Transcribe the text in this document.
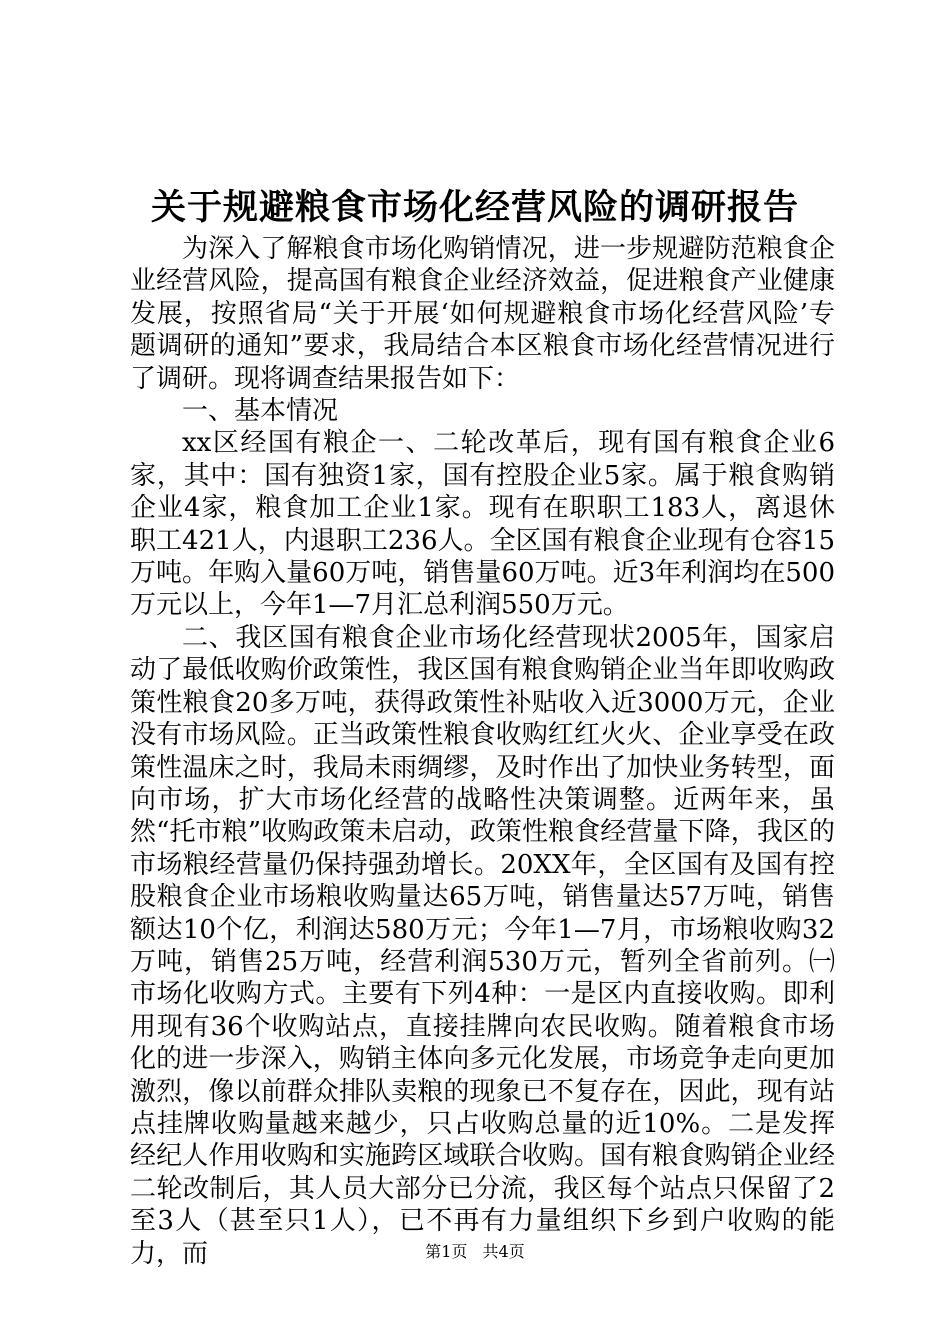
关于规避粮食市场化经营风险的调研报告

为深入了解粮食市场化购销情况，进一步规避防范粮食企业经营风险，提高国有粮食企业经济效益，促进粮食产业健康发展，按照省局“关于开展‘如何规避粮食市场化经营风险’专题调研的通知”要求，我局结合本区粮食市场化经营情况进行了调研。现将调查结果报告如下：

一、基本情况

xx区经国有粮企一、二轮改革后，现有国有粮食企业6家，其中：国有独资1家，国有控股企业5家。属于粮食购销企业4家，粮食加工企业1家。现有在职职工183人，离退休职工421人，内退职工236人。全区国有粮食企业现有仓容15万吨。年购入量60万吨，销售量60万吨。近3年利润均在500万元以上，今年1—7月汇总利润550万元。

二、我区国有粮食企业市场化经营现状2005年，国家启动了最低收购价政策性，我区国有粮食购销企业当年即收购政策性粮食20多万吨，获得政策性补贴收入近3000万元，企业没有市场风险。正当政策性粮食收购红红火火、企业享受在政策性温床之时，我局未雨绸缪，及时作出了加快业务转型，面向市场，扩大市场化经营的战略性决策调整。近两年来，虽然“托市粮”收购政策未启动，政策性粮食经营量下降，我区的市场粮经营量仍保持强劲增长。20XX年，全区国有及国有控股粮食企业市场粮收购量达65万吨，销售量达57万吨，销售额达10个亿，利润达580万元；今年1—7月，市场粮收购32万吨，销售25万吨，经营利润530万元，暂列全省前列。㈠市场化收购方式。主要有下列4种：一是区内直接收购。即利用现有36个收购站点，直接挂牌向农民收购。随着粮食市场化的进一步深入，购销主体向多元化发展，市场竞争走向更加激烈，像以前群众排队卖粮的现象已不复存在，因此，现有站点挂牌收购量越来越少，只占收购总量的近10%。二是发挥经纪人作用收购和实施跨区域联合收购。国有粮食购销企业经二轮改制后，其人员大部分已分流，我区每个站点只保留了2至3人（甚至只1人），已不再有力量组织下乡到户收购的能力，而	第1页 共4页
